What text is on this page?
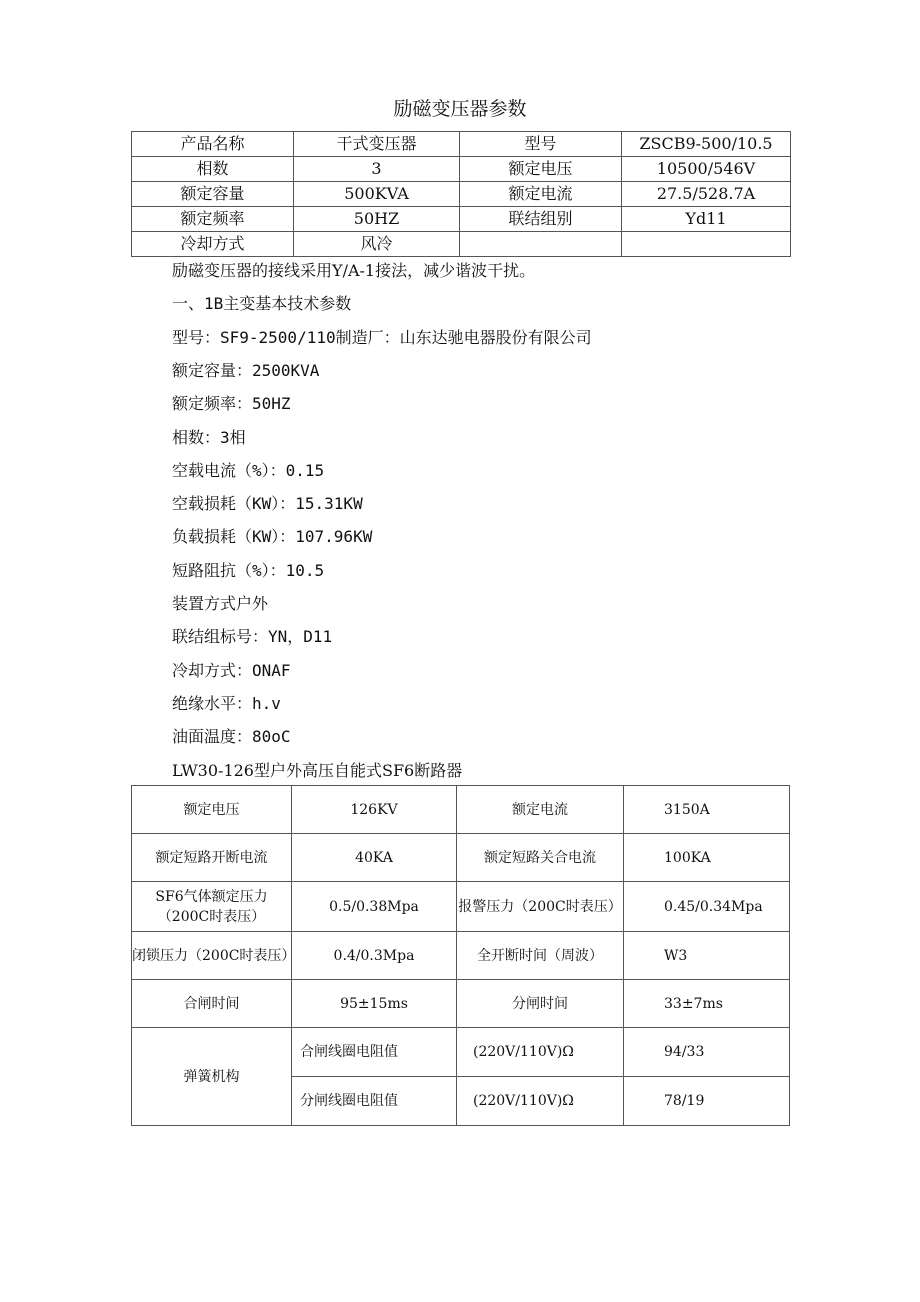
励磁变压器参数
产品名称	干式变压器	型号	ZSCB9-500/10.5
相数	3	额定电压	10500/546V
额定容量	500KVA	额定电流	27.5/528.7A
额定频率	50HZ	联结组别	Yd11
冷却方式	风冷		
励磁变压器的接线采用Y/A-1接法，减少谐波干扰。
一、1B主变基本技术参数
型号：SF9-2500/110制造厂：山东达驰电器股份有限公司
额定容量：2500KVA
额定频率：50HZ
相数：3相
空载电流（%）：0.15
空载损耗（KW）：15.31KW
负载损耗（KW）：107.96KW
短路阻抗（%）：10.5
装置方式户外
联结组标号：YN，D11
冷却方式：ONAF
绝缘水平：h.v
油面温度：80oC
LW30-126型户外高压自能式SF6断路器
额定电压	126KV	额定电流	3150A
额定短路开断电流	40KA	额定短路关合电流	100KA
SF6气体额定压力（200C时表压）	0.5/0.38Mpa	报警压力（200C时表压）	0.45/0.34Mpa
闭锁压力（200C时表压）	0.4/0.3Mpa	全开断时间（周波）	W3
合闸时间	95±15ms	分闸时间	33±7ms
弹簧机构	合闸线圈电阻值	(220V/110V)Ω	94/33
	分闸线圈电阻值	(220V/110V)Ω	78/19
